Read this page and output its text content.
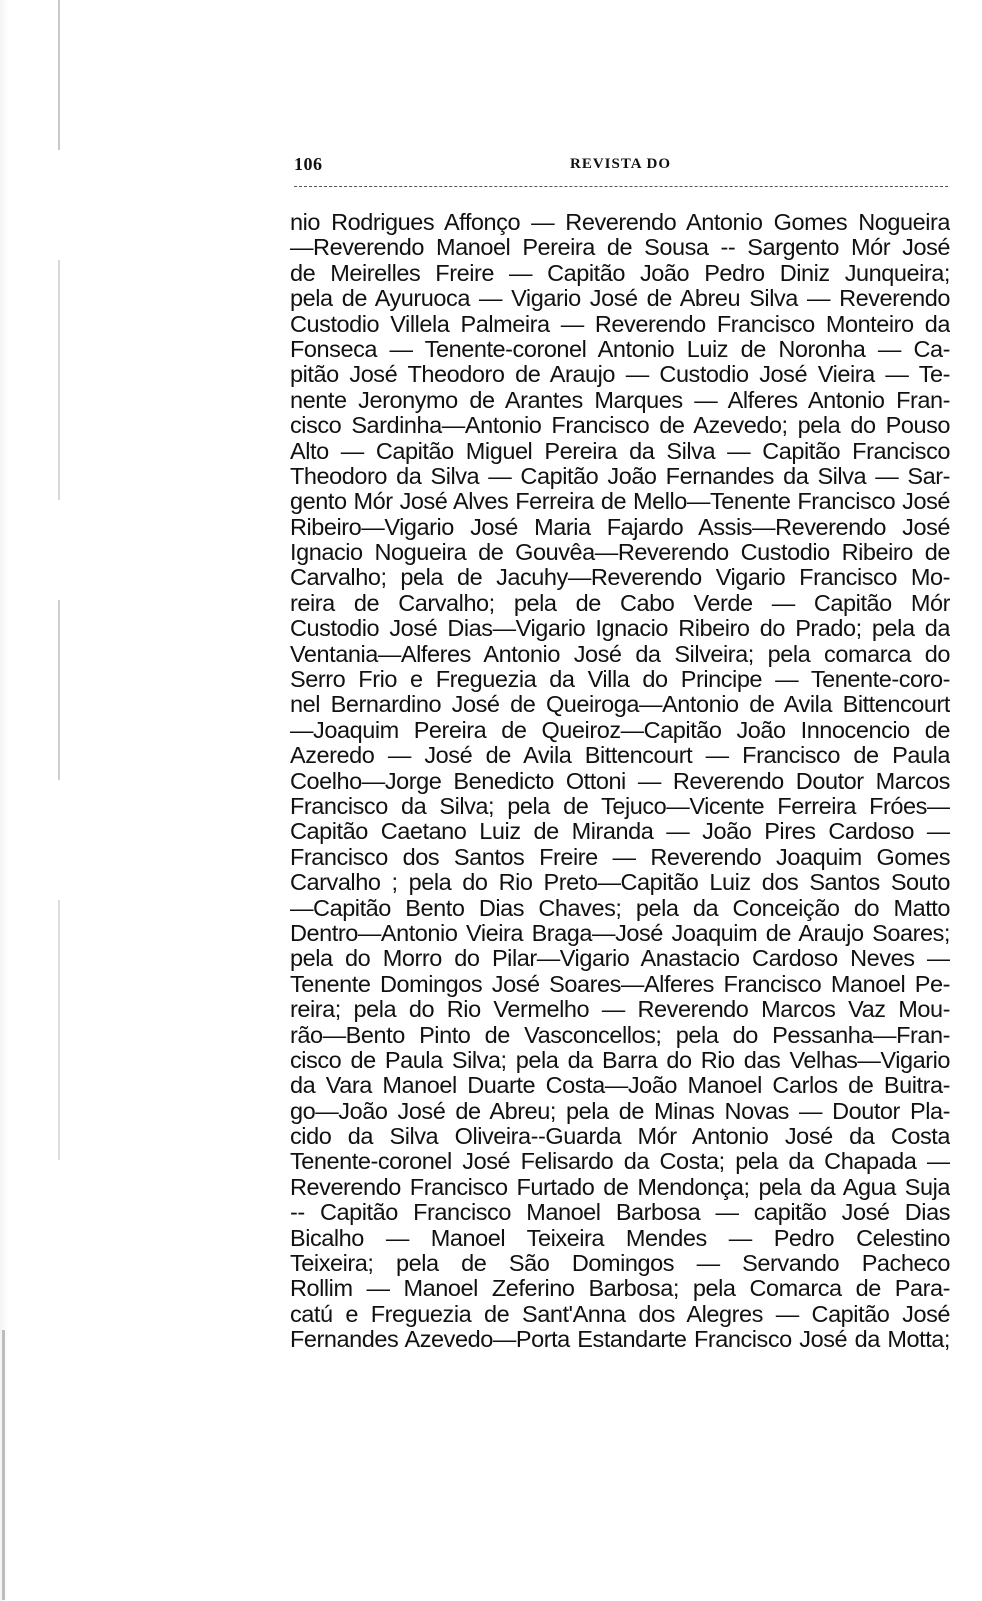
106	REVISTA DO
nio Rodrigues Affonço — Reverendo Antonio Gomes Nogueira
—Reverendo Manoel Pereira de Sousa -- Sargento Mór José
de Meirelles Freire — Capitão João Pedro Diniz Junqueira;
pela de Ayuruoca — Vigario José de Abreu Silva — Reverendo
Custodio Villela Palmeira — Reverendo Francisco Monteiro da
Fonseca — Tenente-coronel Antonio Luiz de Noronha — Ca-
pitão José Theodoro de Araujo — Custodio José Vieira — Te-
nente Jeronymo de Arantes Marques — Alferes Antonio Fran-
cisco Sardinha—Antonio Francisco de Azevedo; pela do Pouso
Alto — Capitão Miguel Pereira da Silva — Capitão Francisco
Theodoro da Silva — Capitão João Fernandes da Silva — Sar-
gento Mór José Alves Ferreira de Mello—Tenente Francisco José
Ribeiro—Vigario José Maria Fajardo Assis—Reverendo José
Ignacio Nogueira de Gouvêa—Reverendo Custodio Ribeiro de
Carvalho; pela de Jacuhy—Reverendo Vigario Francisco Mo-
reira de Carvalho; pela de Cabo Verde — Capitão Mór
Custodio José Dias—Vigario Ignacio Ribeiro do Prado; pela da
Ventania—Alferes Antonio José da Silveira; pela comarca do
Serro Frio e Freguezia da Villa do Principe — Tenente-coro-
nel Bernardino José de Queiroga—Antonio de Avila Bittencourt
—Joaquim Pereira de Queiroz—Capitão João Innocencio de
Azeredo — José de Avila Bittencourt — Francisco de Paula
Coelho—Jorge Benedicto Ottoni — Reverendo Doutor Marcos
Francisco da Silva; pela de Tejuco—Vicente Ferreira Fróes—
Capitão Caetano Luiz de Miranda — João Pires Cardoso —
Francisco dos Santos Freire — Reverendo Joaquim Gomes
Carvalho ; pela do Rio Preto—Capitão Luiz dos Santos Souto
—Capitão Bento Dias Chaves; pela da Conceição do Matto
Dentro—Antonio Vieira Braga—José Joaquim de Araujo Soares;
pela do Morro do Pilar—Vigario Anastacio Cardoso Neves —
Tenente Domingos José Soares—Alferes Francisco Manoel Pe-
reira; pela do Rio Vermelho — Reverendo Marcos Vaz Mou-
rão—Bento Pinto de Vasconcellos; pela do Pessanha—Fran-
cisco de Paula Silva; pela da Barra do Rio das Velhas—Vigario
da Vara Manoel Duarte Costa—João Manoel Carlos de Buitra-
go—João José de Abreu; pela de Minas Novas — Doutor Pla-
cido da Silva Oliveira--Guarda Mór Antonio José da Costa
Tenente-coronel José Felisardo da Costa; pela da Chapada —
Reverendo Francisco Furtado de Mendonça; pela da Agua Suja
-- Capitão Francisco Manoel Barbosa — capitão José Dias
Bicalho — Manoel Teixeira Mendes — Pedro Celestino
Teixeira; pela de São Domingos — Servando Pacheco
Rollim — Manoel Zeferino Barbosa; pela Comarca de Para-
catú e Freguezia de Sant'Anna dos Alegres — Capitão José
Fernandes Azevedo—Porta Estandarte Francisco José da Motta;
